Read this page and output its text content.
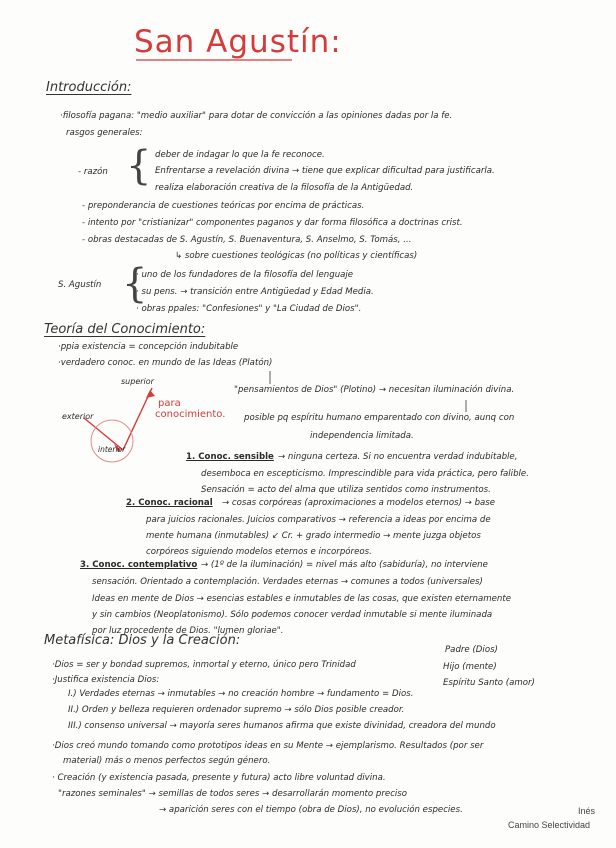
San Agustín:
Introducción:
·filosofía pagana: "medio auxiliar" para dotar de convicción a las opiniones dadas por la fe.
rasgos generales:
- razón { deber de indagar lo que la fe reconoce.
Enfrentarse a revelación divina → tiene que explicar dificultad para justificarla.
realiza elaboración creativa de la filosofía de la Antigüedad.
- preponderancia de cuestiones teóricas por encima de prácticas.
- intento por "cristianizar" componentes paganos y dar forma filosófica a doctrinas crist.
- obras destacadas de S. Agustín, S. Buenaventura, S. Anselmo, S. Tomás, ...
↳ sobre cuestiones teológicas (no políticas y científicas)
S. Agustín {
· uno de los fundadores de la filosofía del lenguaje
· su pens. → transición entre Antigüedad y Edad Media.
· obras ppales: "Confesiones" y "La Ciudad de Dios".
Teoría del Conocimiento:
·ppia existencia = concepción indubitable
·verdadero conoc. en mundo de las Ideas (Platón)
superior
exterior
interior
para
conocimiento.
"pensamientos de Dios" (Plotino) → necesitan iluminación divina.
posible pq espíritu humano emparentado con divino, aunq con
independencia limitada.
1. Conoc. sensible → ninguna certeza. Si no encuentra verdad indubitable,
desemboca en escepticismo. Imprescindible para vida práctica, pero falible.
Sensación = acto del alma que utiliza sentidos como instrumentos.
2. Conoc. racional → cosas corpóreas (aproximaciones a modelos eternos) → base
para juicios racionales. Juicios comparativos → referencia a ideas por encima de
mente humana (inmutables) ↙ Cr. + grado intermedio → mente juzga objetos
corpóreos siguiendo modelos eternos e incorpóreos.
3. Conoc. contemplativo → (1º de la iluminación) = nivel más alto (sabiduría), no interviene
sensación. Orientado a contemplación. Verdades eternas → comunes a todos (universales)
Ideas en mente de Dios → esencias estables e inmutables de las cosas, que existen eternamente
y sin cambios (Neoplatonismo). Sólo podemos conocer verdad inmutable si mente iluminada
por luz procedente de Dios. "lumen gloriae".
Metafísica: Dios y la Creación:
Padre (Dios)
Hijo (mente)
Espíritu Santo (amor)
·Dios = ser y bondad supremos, inmortal y eterno, único pero Trinidad
·Justifica existencia Dios:
I.) Verdades eternas → inmutables → no creación hombre → fundamento = Dios.
II.) Orden y belleza requieren ordenador supremo → sólo Dios posible creador.
III.) consenso universal → mayoría seres humanos afirma que existe divinidad, creadora del mundo
·Dios creó mundo tomando como prototipos ideas en su Mente → ejemplarismo. Resultados (por ser
material) más o menos perfectos según género.
· Creación (y existencia pasada, presente y futura) acto libre voluntad divina.
"razones seminales" → semillas de todos seres → desarrollarán momento preciso
→ aparición seres con el tiempo (obra de Dios), no evolución especies.	Inés
Camino Selectividad
